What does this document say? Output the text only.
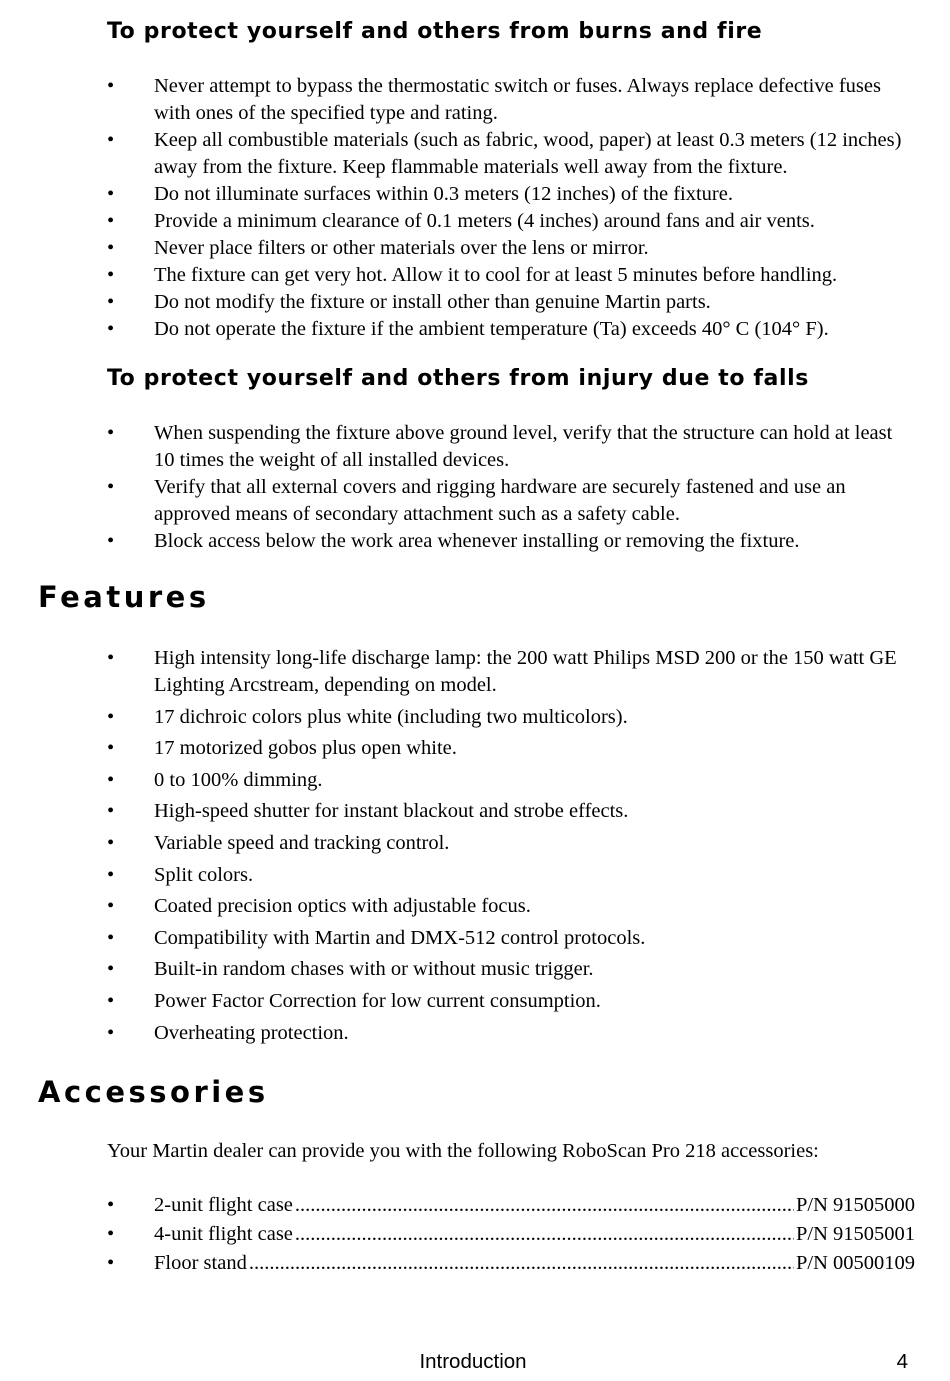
To protect yourself and others from burns and fire
• Never attempt to bypass the thermostatic switch or fuses. Always replace defective fuses with ones of the specified type and rating.
• Keep all combustible materials (such as fabric, wood, paper) at least 0.3 meters (12 inches) away from the fixture. Keep flammable materials well away from the fixture.
• Do not illuminate surfaces within 0.3 meters (12 inches) of the fixture.
• Provide a minimum clearance of 0.1 meters (4 inches) around fans and air vents.
• Never place filters or other materials over the lens or mirror.
• The fixture can get very hot. Allow it to cool for at least 5 minutes before handling.
• Do not modify the fixture or install other than genuine Martin parts.
• Do not operate the fixture if the ambient temperature (Ta) exceeds 40° C (104° F).
To protect yourself and others from injury due to falls
• When suspending the fixture above ground level, verify that the structure can hold at least 10 times the weight of all installed devices.
• Verify that all external covers and rigging hardware are securely fastened and use an approved means of secondary attachment such as a safety cable.
• Block access below the work area whenever installing or removing the fixture.
Features
• High intensity long-life discharge lamp: the 200 watt Philips MSD 200 or the 150 watt GE Lighting Arcstream, depending on model.
• 17 dichroic colors plus white (including two multicolors).
• 17 motorized gobos plus open white.
• 0 to 100% dimming.
• High-speed shutter for instant blackout and strobe effects.
• Variable speed and tracking control.
• Split colors.
• Coated precision optics with adjustable focus.
• Compatibility with Martin and DMX-512 control protocols.
• Built-in random chases with or without music trigger.
• Power Factor Correction for low current consumption.
• Overheating protection.
Accessories

Your Martin dealer can provide you with the following RoboScan Pro 218 accessories:

• 2-unit flight case .....	P/N 91505000
• 4-unit flight case .....	P/N 91505001
• Floor stand .....	P/N 00500109

Introduction	4
